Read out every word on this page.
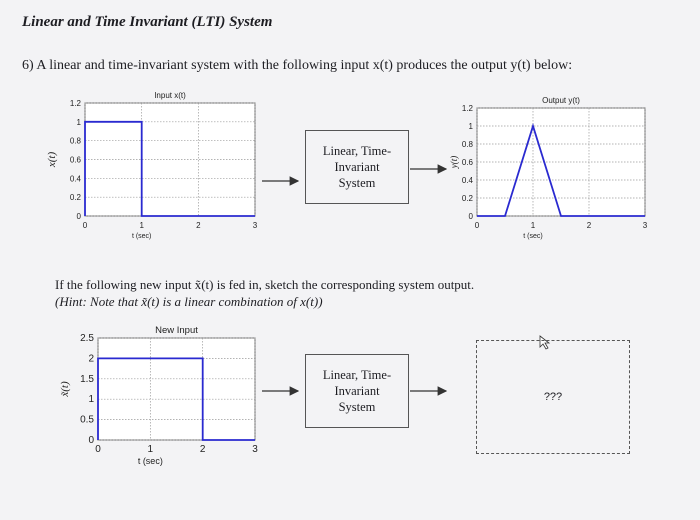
Linear and Time Invariant (LTI) System
6) A linear and time-invariant system with the following input x(t) produces the output y(t) below:
0
0.2
0.4
0.6
0.8
1
1.2
0	1	2	3
Input x(t)
t (sec)
x(t)
0
0.2
0.4
0.6
0.8
1
1.2
0	1	2	3
Output y(t)
t (sec)
y(t)
0
0.5
1
1.5
2
2.5
0	1	2	3
New Input
t (sec)
x̃(t)
Linear, Time-
Invariant
System
Linear, Time-
Invariant
System
If the following new input x̃(t) is fed in, sketch the corresponding system output.
(Hint: Note that x̃(t) is a linear combination of x(t))
???
